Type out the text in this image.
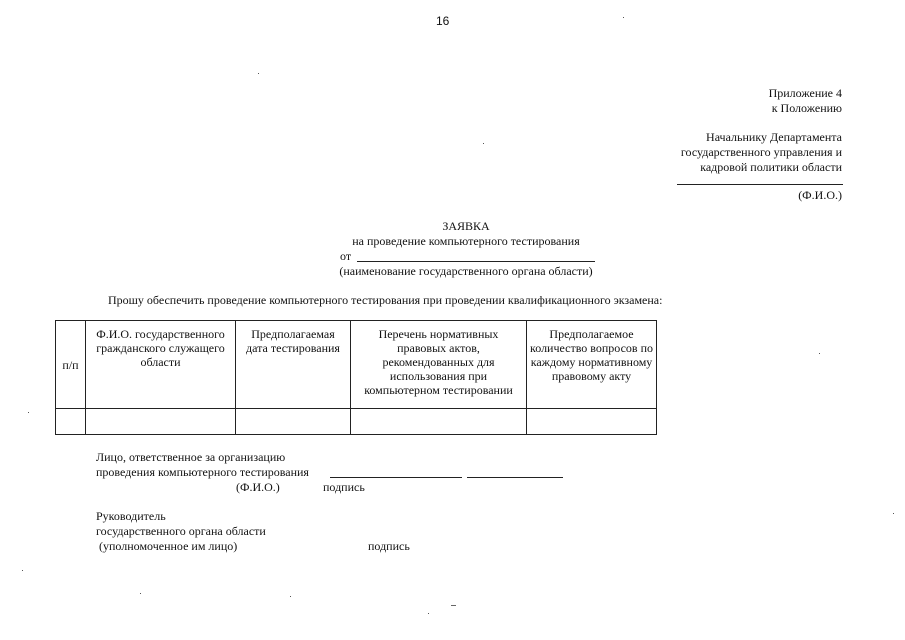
16
Приложение 4
к Положению
Начальнику Департамента
государственного управления и
кадровой политики области
(Ф.И.О.)
ЗАЯВКА
на проведение компьютерного тестирования
от
(наименование государственного органа области)
Прошу обеспечить проведение компьютерного тестирования при проведении квалификационного экзамена:
п/п	Ф.И.О. государственного гражданского служащего области	Предполагаемая дата тестирования	Перечень нормативных правовых актов, рекомендованных для использования при компьютерном тестировании	Предполагаемое количество вопросов по каждому нормативному правовому акту

Лицо, ответственное за организацию
проведения компьютерного тестирования
(Ф.И.О.)	подпись
Руководитель
государственного органа области
(уполномоченное им лицо)	подпись
